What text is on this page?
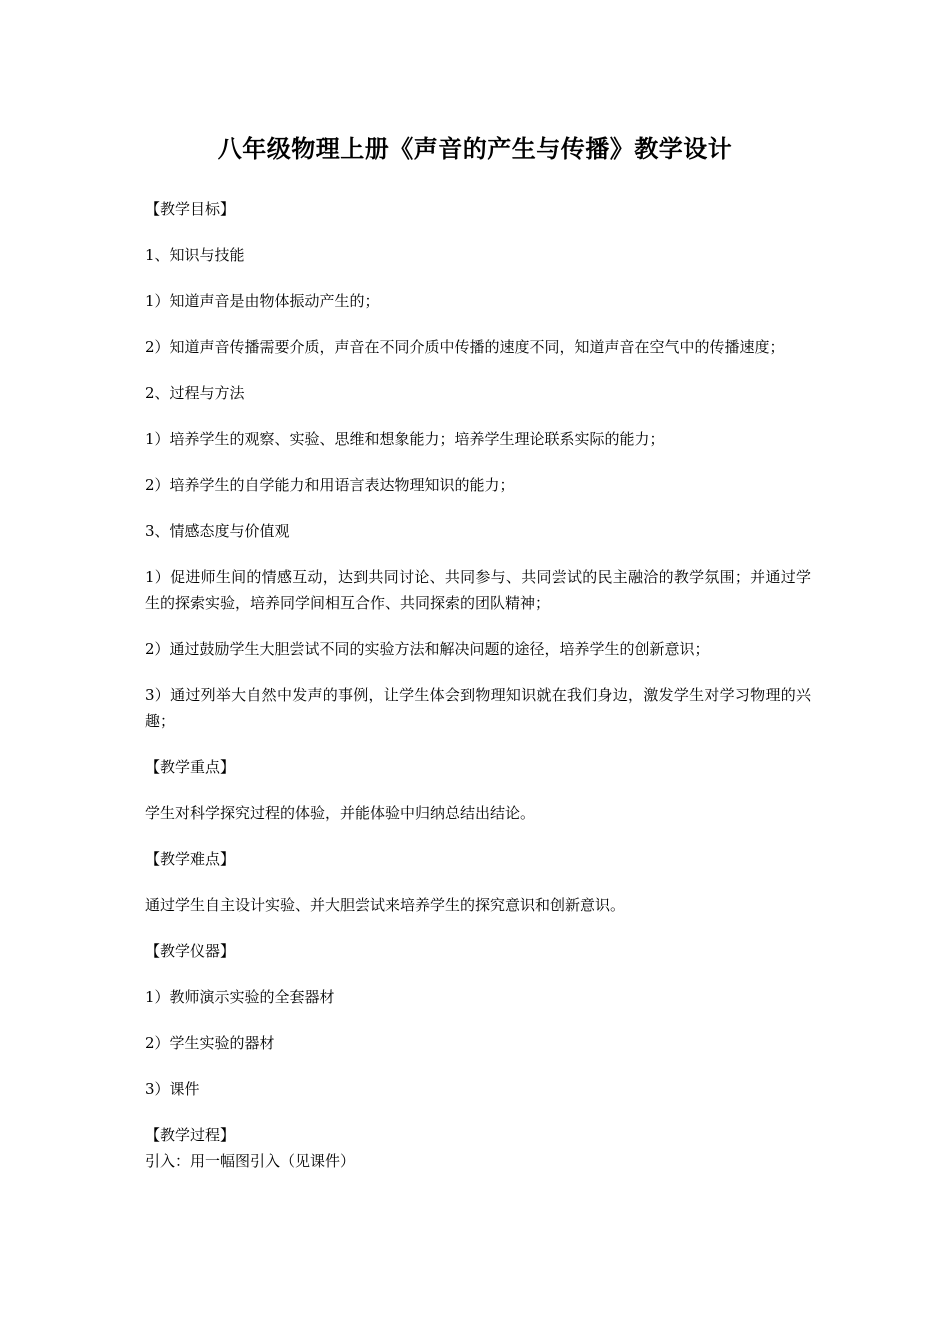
八年级物理上册《声音的产生与传播》教学设计

【教学目标】

1、知识与技能

1）知道声音是由物体振动产生的；

2）知道声音传播需要介质，声音在不同介质中传播的速度不同，知道声音在空气中的传播速度；

2、过程与方法

1）培养学生的观察、实验、思维和想象能力；培养学生理论联系实际的能力；

2）培养学生的自学能力和用语言表达物理知识的能力；

3、情感态度与价值观

1）促进师生间的情感互动，达到共同讨论、共同参与、共同尝试的民主融洽的教学氛围；并通过学生的探索实验，培养同学间相互合作、共同探索的团队精神；

2）通过鼓励学生大胆尝试不同的实验方法和解决问题的途径，培养学生的创新意识；

3）通过列举大自然中发声的事例，让学生体会到物理知识就在我们身边，激发学生对学习物理的兴趣；

【教学重点】

学生对科学探究过程的体验，并能体验中归纳总结出结论。

【教学难点】

通过学生自主设计实验、并大胆尝试来培养学生的探究意识和创新意识。

【教学仪器】

1）教师演示实验的全套器材

2）学生实验的器材

3）课件

【教学过程】

引入：用一幅图引入（见课件）
